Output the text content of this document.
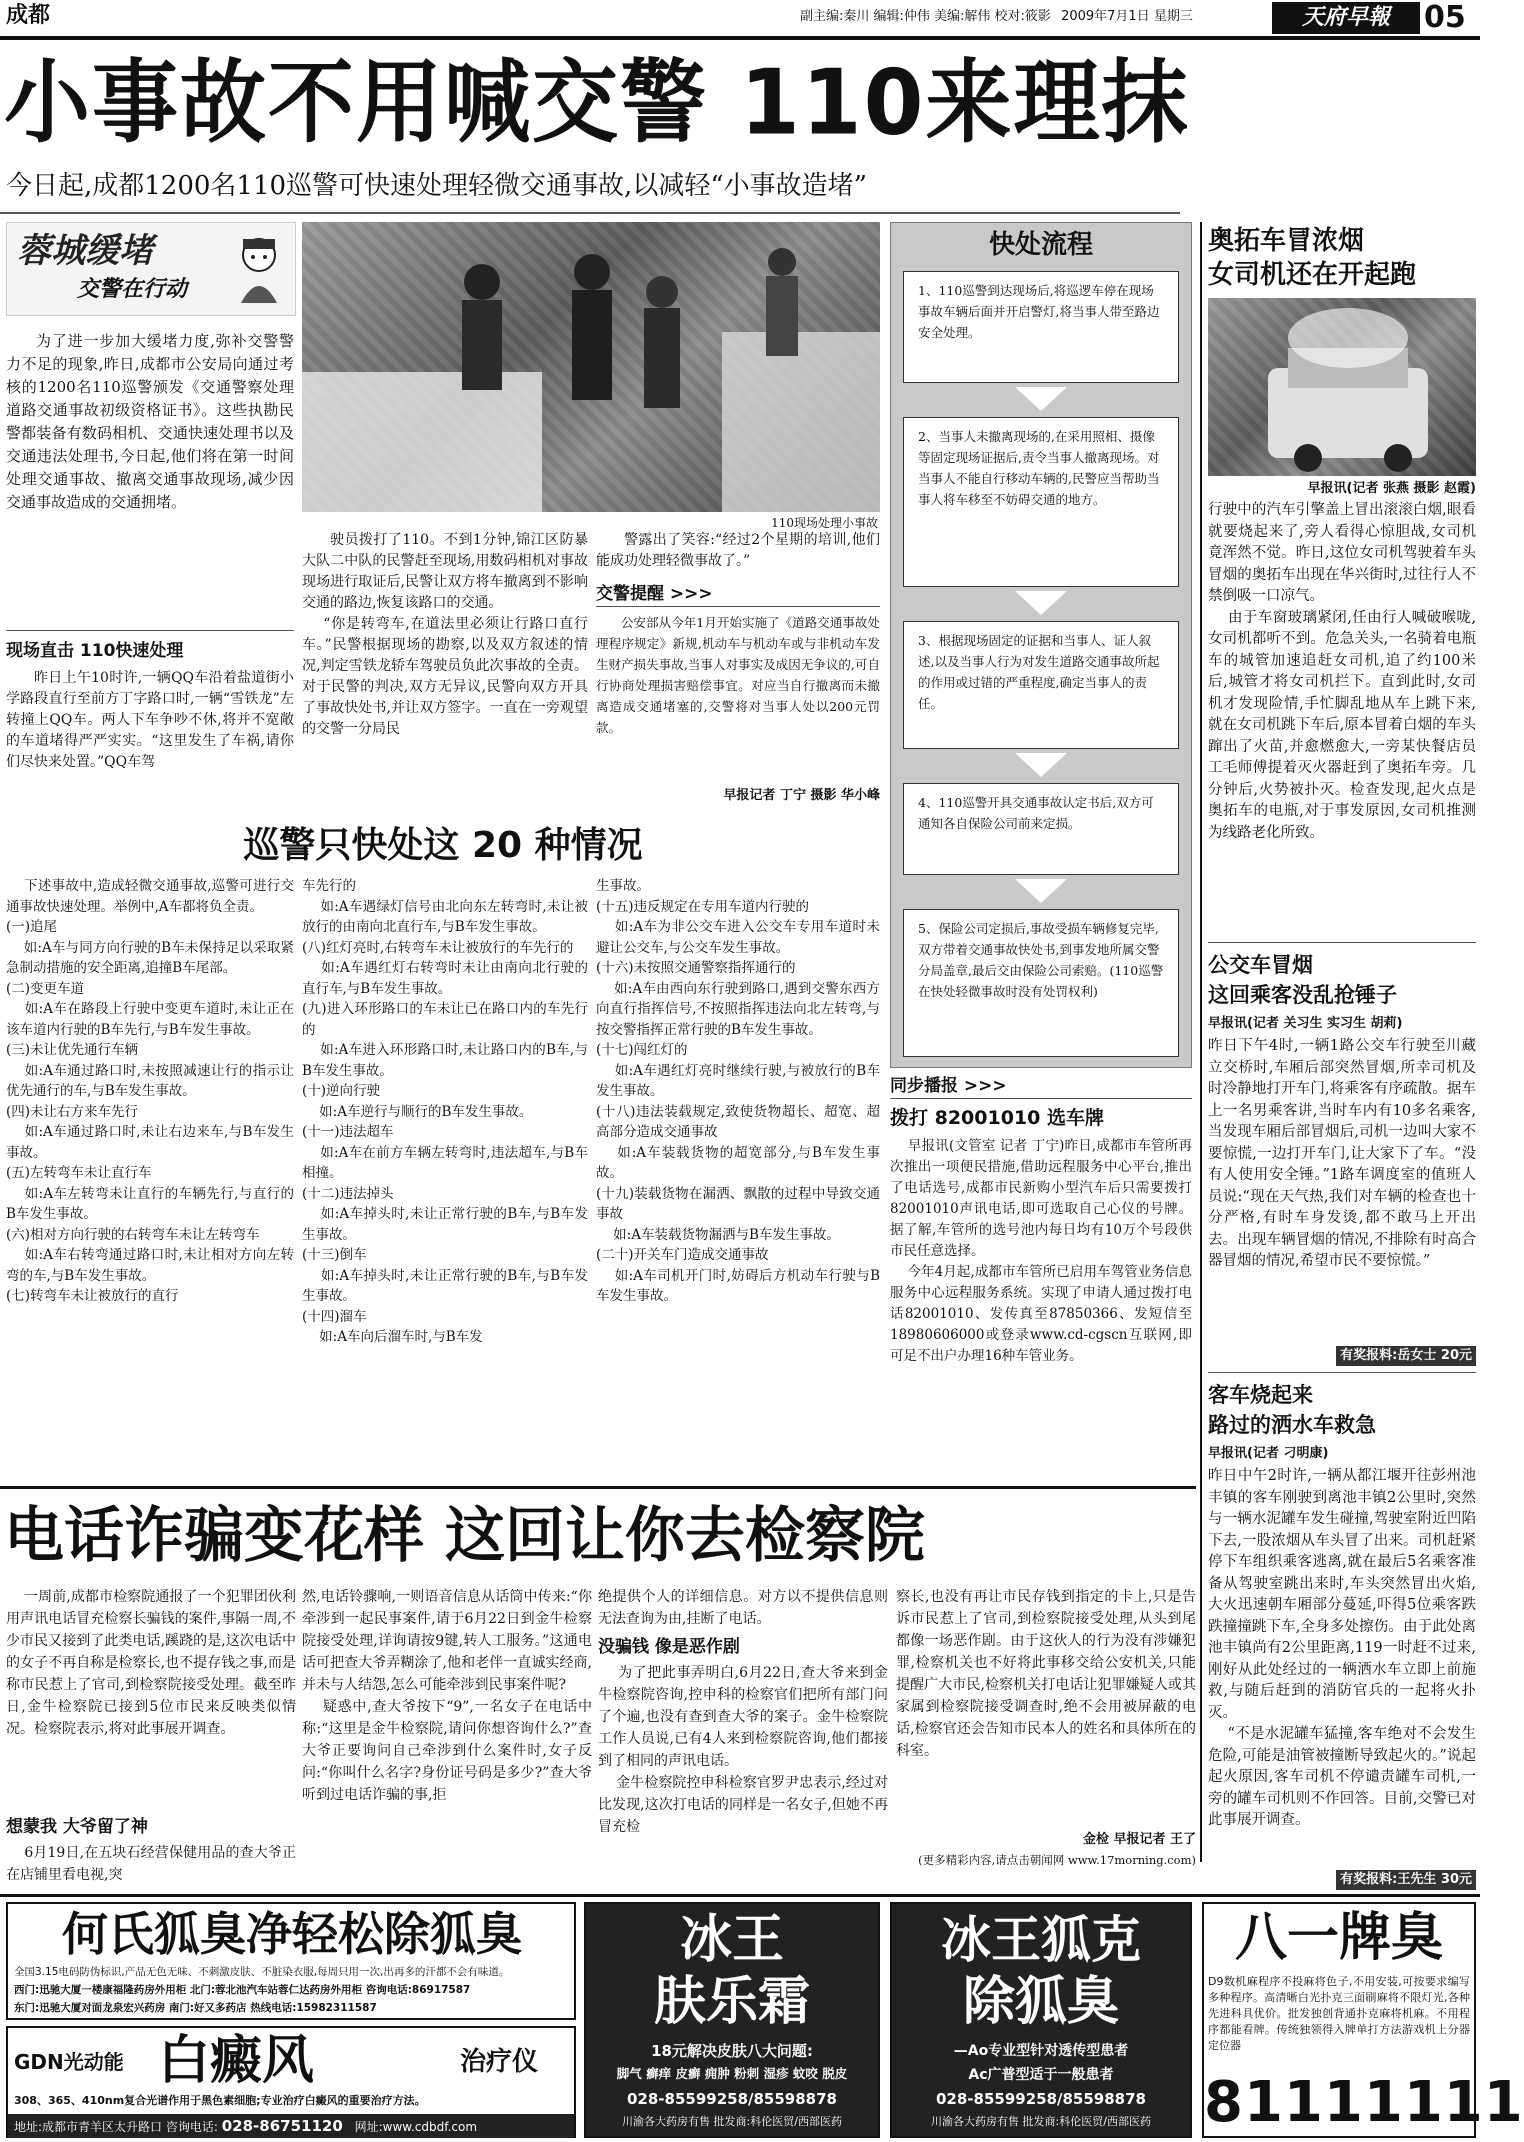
成都	副主编:秦川 编辑:仲伟 美编:解伟 校对:筱影 2009年7月1日 星期三	天府早報	05
小事故不用喊交警 110来理抹
今日起,成都1200名110巡警可快速处理轻微交通事故,以减轻“小事故造堵”
蓉城缓堵
交警在行动
为了进一步加大缓堵力度,弥补交警警力不足的现象,昨日,成都市公安局向通过考核的1200名110巡警颁发《交通警察处理道路交通事故初级资格证书》。这些执勘民警都装备有数码相机、交通快速处理书以及交通违法处理书,今日起,他们将在第一时间处理交通事故、撤离交通事故现场,减少因交通事故造成的交通拥堵。
现场直击 110快速处理
昨日上午10时许,一辆QQ车沿着盐道街小学路段直行至前方丁字路口时,一辆“雪铁龙”左转撞上QQ车。两人下车争吵不休,将并不宽敞的车道堵得严严实实。“这里发生了车祸,请你们尽快来处置。”QQ车驾
110现场处理小事故
驶员拨打了110。不到1分钟,锦江区防暴大队二中队的民警赶至现场,用数码相机对事故现场进行取证后,民警让双方将车撤离到不影响交通的路边,恢复该路口的交通。
“你是转弯车,在道法里必须让行路口直行车。”民警根据现场的勘察,以及双方叙述的情况,判定雪铁龙轿车驾驶员负此次事故的全责。对于民警的判决,双方无异议,民警向双方开具了事故快处书,并让双方签字。一直在一旁观望的交警一分局民
警露出了笑容:“经过2个星期的培训,他们能成功处理轻微事故了。”
交警提醒 >>>
公安部从今年1月开始实施了《道路交通事故处理程序规定》新规,机动车与机动车或与非机动车发生财产损失事故,当事人对事实及成因无争议的,可自行协商处理损害赔偿事宜。对应当自行撤离而未撤离造成交通堵塞的,交警将对当事人处以200元罚款。
早报记者 丁宁 摄影 华小峰
巡警只快处这 20 种情况
下述事故中,造成轻微交通事故,巡警可进行交通事故快速处理。举例中,A车都将负全责。
(一)追尾
如:A车与同方向行驶的B车未保持足以采取紧急制动措施的安全距离,追撞B车尾部。
(二)变更车道
如:A车在路段上行驶中变更车道时,未让正在该车道内行驶的B车先行,与B车发生事故。
(三)未让优先通行车辆
如:A车通过路口时,未按照减速让行的指示让优先通行的车,与B车发生事故。
(四)未让右方来车先行
如:A车通过路口时,未让右边来车,与B车发生事故。
(五)左转弯车未让直行车
如:A车左转弯未让直行的车辆先行,与直行的B车发生事故。
(六)相对方向行驶的右转弯车未让左转弯车
如:A车右转弯通过路口时,未让相对方向左转弯的车,与B车发生事故。
(七)转弯车未让被放行的直行
车先行的
如:A车遇绿灯信号由北向东左转弯时,未让被放行的由南向北直行车,与B车发生事故。
(八)红灯亮时,右转弯车未让被放行的车先行的
如:A车遇红灯右转弯时未让由南向北行驶的直行车,与B车发生事故。
(九)进入环形路口的车未让已在路口内的车先行的
如:A车进入环形路口时,未让路口内的B车,与B车发生事故。
(十)逆向行驶
如:A车逆行与顺行的B车发生事故。
(十一)违法超车
如:A车在前方车辆左转弯时,违法超车,与B车相撞。
(十二)违法掉头
如:A车掉头时,未让正常行驶的B车,与B车发生事故。
(十三)倒车
如:A车掉头时,未让正常行驶的B车,与B车发生事故。
(十四)溜车
如:A车向后溜车时,与B车发
生事故。
(十五)违反规定在专用车道内行驶的
如:A车为非公交车进入公交车专用车道时未避让公交车,与公交车发生事故。
(十六)未按照交通警察指挥通行的
如:A车由西向东行驶到路口,遇到交警东西方向直行指挥信号,不按照指挥违法向北左转弯,与按交警指挥正常行驶的B车发生事故。
(十七)闯红灯的
如:A车遇红灯亮时继续行驶,与被放行的B车发生事故。
(十八)违法装载规定,致使货物超长、超宽、超高部分造成交通事故
如:A车装载货物的超宽部分,与B车发生事故。
(十九)装载货物在漏洒、飘散的过程中导致交通事故
如:A车装载货物漏洒与B车发生事故。
(二十)开关车门造成交通事故
如:A车司机开门时,妨碍后方机动车行驶与B车发生事故。
快处流程
1、110巡警到达现场后,将巡逻车停在现场事故车辆后面并开启警灯,将当事人带至路边安全处理。
2、当事人未撤离现场的,在采用照相、摄像等固定现场证据后,责令当事人撤离现场。对当事人不能自行移动车辆的,民警应当帮助当事人将车移至不妨碍交通的地方。
3、根据现场固定的证据和当事人、证人叙述,以及当事人行为对发生道路交通事故所起的作用或过错的严重程度,确定当事人的责任。
4、110巡警开具交通事故认定书后,双方可通知各自保险公司前来定损。
5、保险公司定损后,事故受损车辆修复完毕,双方带着交通事故快处书,到事发地所属交警分局盖章,最后交由保险公司索赔。(110巡警在快处轻微事故时没有处罚权利)
同步播报 >>>
拨打 82001010 选车牌
早报讯(文管室 记者 丁宁)昨日,成都市车管所再次推出一项便民措施,借助远程服务中心平台,推出了电话选号,成都市民新购小型汽车后只需要拨打82001010声讯电话,即可选取自己心仪的号牌。据了解,车管所的选号池内每日均有10万个号段供市民任意选择。
今年4月起,成都市车管所已启用车驾管业务信息服务中心远程服务系统。实现了申请人通过拨打电话82001010、发传真至87850366、发短信至18980606000或登录www.cd-cgscn互联网,即可足不出户办理16种车管业务。
奥拓车冒浓烟
女司机还在开起跑
早报讯(记者 张燕 摄影 赵霞)
行驶中的汽车引擎盖上冒出滚滚白烟,眼看就要烧起来了,旁人看得心惊胆战,女司机竟浑然不觉。昨日,这位女司机驾驶着车头冒烟的奥拓车出现在华兴街时,过往行人不禁倒吸一口凉气。
由于车窗玻璃紧闭,任由行人喊破喉咙,女司机都听不到。危急关头,一名骑着电瓶车的城管加速追赶女司机,追了约100米后,城管才将女司机拦下。直到此时,女司机才发现险情,手忙脚乱地从车上跳下来,就在女司机跳下车后,原本冒着白烟的车头蹿出了火苗,并愈燃愈大,一旁某快餐店员工毛师傅提着灭火器赶到了奥拓车旁。几分钟后,火势被扑灭。检查发现,起火点是奥拓车的电瓶,对于事发原因,女司机推测为线路老化所致。
公交车冒烟
这回乘客没乱抢锤子
早报讯(记者 关习生 实习生 胡莉)
昨日下午4时,一辆1路公交车行驶至川藏立交桥时,车厢后部突然冒烟,所幸司机及时冷静地打开车门,将乘客有序疏散。据车上一名男乘客讲,当时车内有10多名乘客,当发现车厢后部冒烟后,司机一边叫大家不要惊慌,一边打开车门,让大家下了车。“没有人使用安全锤。”1路车调度室的值班人员说:“现在天气热,我们对车辆的检查也十分严格,有时车身发烫,都不敢马上开出去。出现车辆冒烟的情况,不排除有时高合器冒烟的情况,希望市民不要惊慌。”
有奖报料:岳女士 20元
客车烧起来
路过的洒水车救急
早报讯(记者 刁明康)
昨日中午2时许,一辆从都江堰开往彭州池丰镇的客车刚驶到离池丰镇2公里时,突然与一辆水泥罐车发生碰撞,驾驶室附近凹陷下去,一股浓烟从车头冒了出来。司机赶紧停下车组织乘客逃离,就在最后5名乘客准备从驾驶室跳出来时,车头突然冒出火焰,大火迅速朝车厢部分蔓延,吓得5位乘客跌跌撞撞跳下车,全身多处擦伤。由于此处离池丰镇尚有2公里距离,119一时赶不过来,刚好从此处经过的一辆洒水车立即上前施救,与随后赶到的消防官兵的一起将火扑灭。
“不是水泥罐车猛撞,客车绝对不会发生危险,可能是油管被撞断导致起火的。”说起起火原因,客车司机不停谴责罐车司机,一旁的罐车司机则不作回答。目前,交警已对此事展开调查。
有奖报料:王先生 30元
电话诈骗变花样 这回让你去检察院
一周前,成都市检察院通报了一个犯罪团伙利用声讯电话冒充检察长骗钱的案件,事隔一周,不少市民又接到了此类电话,蹊跷的是,这次电话中的女子不再自称是检察长,也不提存钱之事,而是称市民惹上了官司,到检察院接受处理。截至昨日,金牛检察院已接到5位市民来反映类似情况。检察院表示,将对此事展开调查。
想蒙我 大爷留了神
6月19日,在五块石经营保健用品的查大爷正在店铺里看电视,突
然,电话铃骤响,一则语音信息从话筒中传来:“你牵涉到一起民事案件,请于6月22日到金牛检察院接受处理,详询请按9键,转人工服务。”这通电话可把查大爷弄糊涂了,他和老伴一直诚实经商,并未与人结怨,怎么可能牵涉到民事案件呢?
疑惑中,查大爷按下“9”,一名女子在电话中称:“这里是金牛检察院,请问你想咨询什么?”查大爷正要询问自己牵涉到什么案件时,女子反问:“你叫什么名字?身份证号码是多少?”查大爷听到过电话诈骗的事,拒
绝提供个人的详细信息。对方以不提供信息则无法查询为由,挂断了电话。
没骗钱 像是恶作剧
为了把此事弄明白,6月22日,查大爷来到金牛检察院咨询,控申科的检察官们把所有部门问了个遍,也没有查到查大爷的案子。金牛检察院工作人员说,已有4人来到检察院咨询,他们都接到了相同的声讯电话。
金牛检察院控申科检察官罗尹忠表示,经过对比发现,这次打电话的同样是一名女子,但她不再冒充检
察长,也没有再让市民存钱到指定的卡上,只是告诉市民惹上了官司,到检察院接受处理,从头到尾都像一场恶作剧。由于这伙人的行为没有涉嫌犯罪,检察机关也不好将此事移交给公安机关,只能提醒广大市民,检察机关打电话让犯罪嫌疑人或其家属到检察院接受调查时,绝不会用被屏蔽的电话,检察官还会告知市民本人的姓名和具体所在的科室。
金检 早报记者 王了
(更多精彩内容,请点击朝闻网 www.17morning.com)
何氏狐臭净轻松除狐臭
全国3.15电码防伪标识,产品无色无味、不刺激皮肤、不脏染衣服,每周只用一次,出再多的汗都不会有味道。
西门:迅驰大厦一楼康福隆药房外用柜 北门:蓉北池汽车站蓉仁达药房外用柜 咨询电话:86917587
东门:迅驰大厦对面龙泉宏兴药房 南门:好又多药店 热线电话:15982311587
GDN光动能 白癜风	治疗仪
308、365、410nm复合光谱作用于黑色素细胞;专业治疗白癜风的重要治疗方法。
地址:成都市青羊区太升路口 咨询电话: 028-86751120 网址:www.cdbdf.com
冰王
肤乐霜
18元解决皮肤八大问题:
脚气 癣痒 皮癣 痈肿 粉刺 湿疹 蚊咬 脱皮
028-85599258/85598878
川渝各大药房有售 批发商:科伦医贸/西部医药
冰王狐克
除狐臭
—Ao专业型针对透传型患者
Ac广普型适于一般患者
028-85599258/85598878
川渝各大药房有售 批发商:科伦医贸/西部医药
八一牌臭
D9数机麻程序不投麻将色子,不用安装,可按要求编写多种程序。高清晰白光扑克三面刷麻将不限灯光,各种先进科具优价。批发独创背通扑克麻将机麻。不用程序都能看牌。传统独领得入牌单打方法游戏机上分器定位器
81111111
